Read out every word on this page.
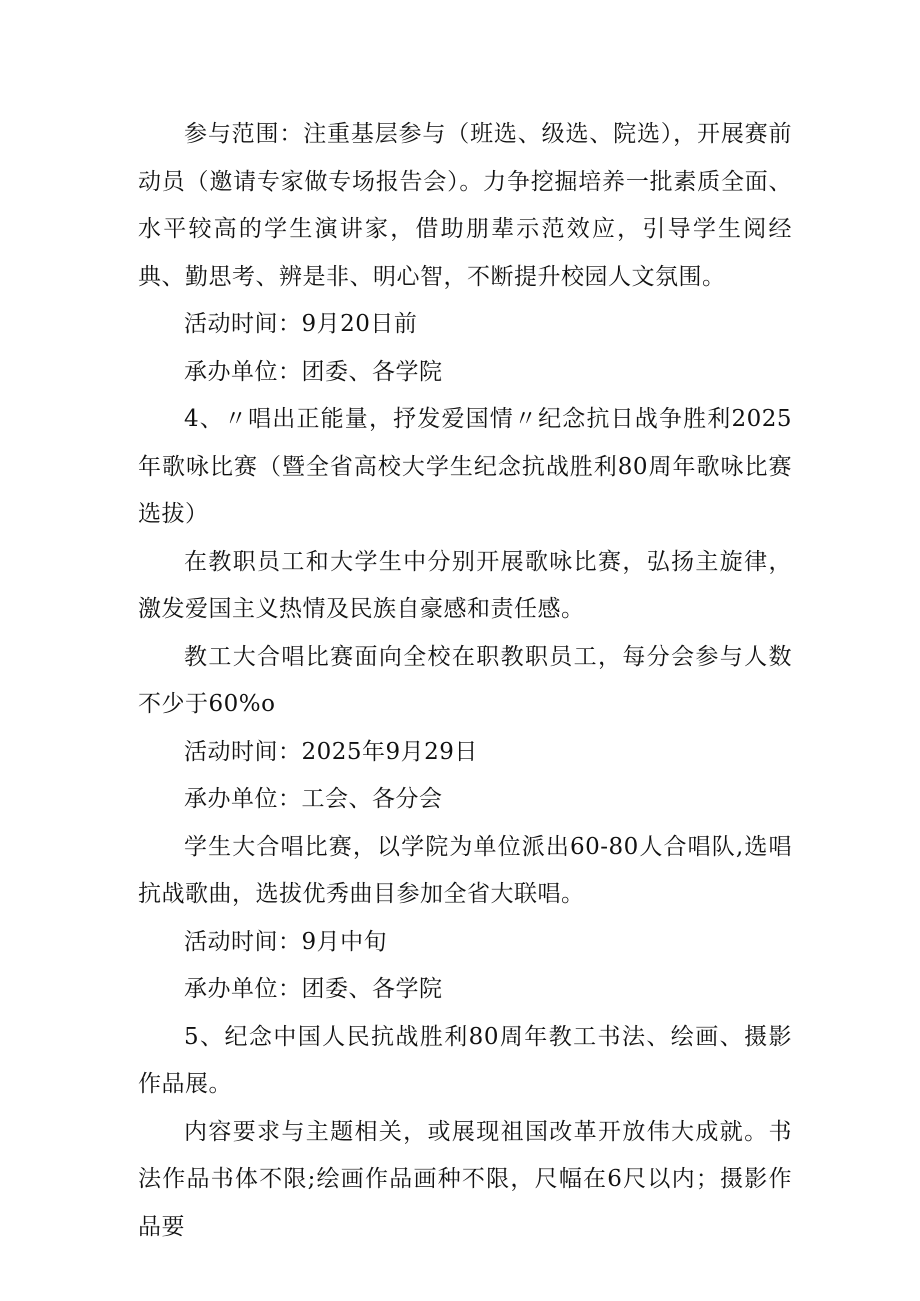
参与范围：注重基层参与（班选、级选、院选），开展赛前动员（邀请专家做专场报告会）。力争挖掘培养一批素质全面、水平较高的学生演讲家，借助朋辈示范效应，引导学生阅经典、勤思考、辨是非、明心智，不断提升校园人文氛围。

活动时间：9月20日前

承办单位：团委、各学院

4、〃唱出正能量，抒发爱国情〃纪念抗日战争胜利2025年歌咏比赛（暨全省高校大学生纪念抗战胜利80周年歌咏比赛选拔）

在教职员工和大学生中分别开展歌咏比赛，弘扬主旋律，激发爱国主义热情及民族自豪感和责任感。

教工大合唱比赛面向全校在职教职员工，每分会参与人数不少于60%o

活动时间：2025年9月29日

承办单位：工会、各分会

学生大合唱比赛，以学院为单位派出60-80人合唱队,选唱抗战歌曲，选拔优秀曲目参加全省大联唱。

活动时间：9月中旬

承办单位：团委、各学院

5、纪念中国人民抗战胜利80周年教工书法、绘画、摄影作品展。

内容要求与主题相关，或展现祖国改革开放伟大成就。书法作品书体不限;绘画作品画种不限，尺幅在6尺以内；摄影作品要
